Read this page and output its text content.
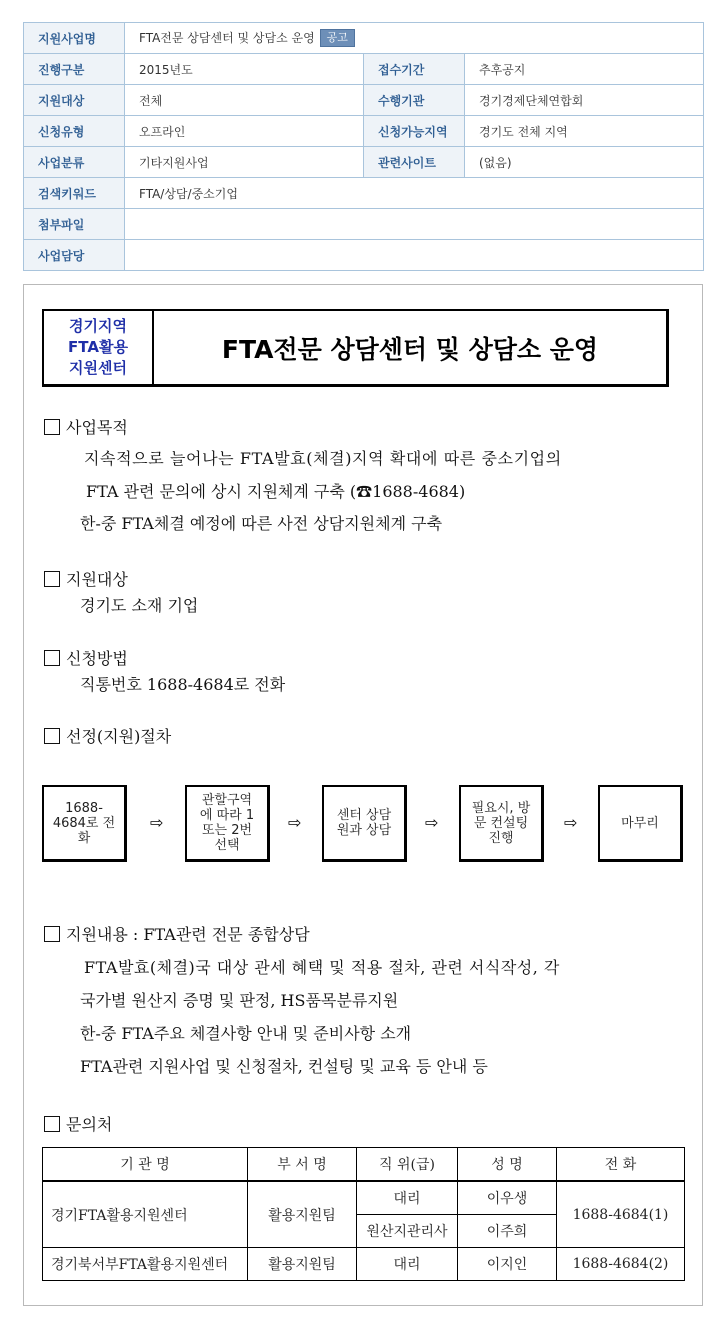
지원사업명	FTA전문 상담센터 및 상담소 운영 공고		
진행구분	2015년도	접수기간	추후공지
지원대상	전체	수행기관	경기경제단체연합회
신청유형	오프라인	신청가능지역	경기도 전체 지역
사업분류	기타지원사업	관련사이트	(없음)
검색키워드	FTA/상담/중소기업		
첨부파일			
사업담당			
경기지역
FTA활용
지원센터
FTA전문 상담센터 및 상담소 운영
사업목적
지속적으로 늘어나는 FTA발효(체결)지역 확대에 따른 중소기업의
FTA 관련 문의에 상시 지원체계 구축 (☎1688-4684)
한-중 FTA체결 예정에 따른 사전 상담지원체계 구축
지원대상
경기도 소재 기업
신청방법
직통번호 1688-4684로 전화
선정(지원)절차
1688-
4684로 전
화
⇨
관할구역
에 따라 1
또는 2번
선택
⇨	센터 상담
원과 상담	⇨
필요시, 방
문 컨설팅
진행
⇨	마무리
지원내용 : FTA관련 전문 종합상담
FTA발효(체결)국 대상 관세 혜택 및 적용 절차, 관련 서식작성, 각
국가별 원산지 증명 및 판정, HS품목분류지원
한-중 FTA주요 체결사항 안내 및 준비사항 소개
FTA관련 지원사업 및 신청절차, 컨설팅 및 교육 등 안내 등
문의처
기 관 명	부 서 명	직 위(급)	성 명	전 화
경기FTA활용지원센터	활용지원팀	대리	이우생	1688-4684(1)
		원산지관리사	이주희	
경기북서부FTA활용지원센터	활용지원팀	대리	이지인	1688-4684(2)
